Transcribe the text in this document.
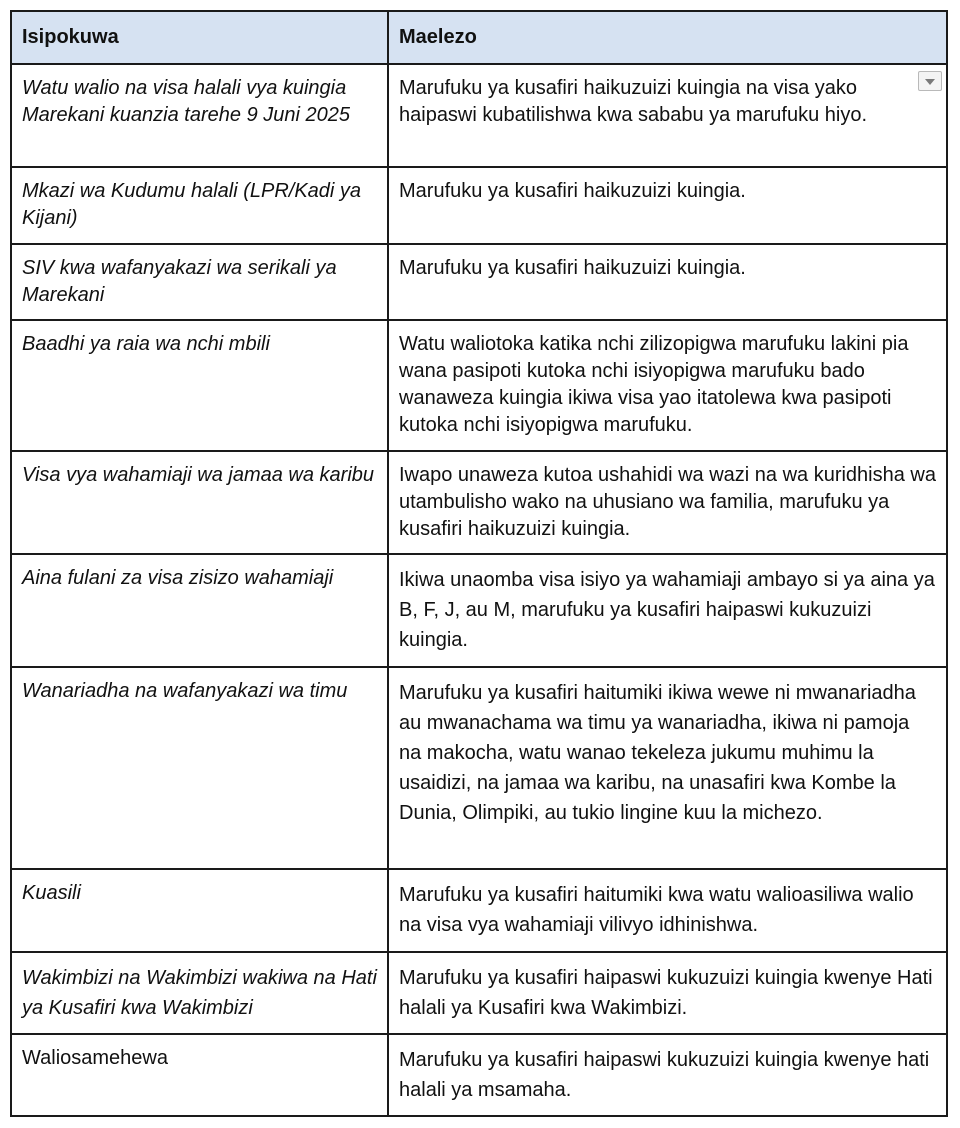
Isipokuwa	Maelezo
Watu walio na visa halali vya kuingia Marekani kuanzia tarehe 9 Juni 2025	Marufuku ya kusafiri haikuzuizi kuingia na visa yako haipaswi kubatilishwa kwa sababu ya marufuku hiyo.

Mkazi wa Kudumu halali (LPR/Kadi ya Kijani)	Marufuku ya kusafiri haikuzuizi kuingia.
SIV kwa wafanyakazi wa serikali ya Marekani	Marufuku ya kusafiri haikuzuizi kuingia.
Baadhi ya raia wa nchi mbili	Watu waliotoka katika nchi zilizopigwa marufuku lakini pia wana pasipoti kutoka nchi isiyopigwa marufuku bado wanaweza kuingia ikiwa visa yao itatolewa kwa pasipoti kutoka nchi isiyopigwa marufuku.
Visa vya wahamiaji wa jamaa wa karibu	Iwapo unaweza kutoa ushahidi wa wazi na wa kuridhisha wa utambulisho wako na uhusiano wa familia, marufuku ya kusafiri haikuzuizi kuingia.
Aina fulani za visa zisizo wahamiaji	Ikiwa unaomba visa isiyo ya wahamiaji ambayo si ya aina ya B, F, J, au M, marufuku ya kusafiri haipaswi kukuzuizi kuingia.
Wanariadha na wafanyakazi wa timu	Marufuku ya kusafiri haitumiki ikiwa wewe ni mwanariadha au mwanachama wa timu ya wanariadha, ikiwa ni pamoja na makocha, watu wanao tekeleza jukumu muhimu la usaidizi, na jamaa wa karibu, na unasafiri kwa Kombe la Dunia, Olimpiki, au tukio lingine kuu la michezo.
Kuasili	Marufuku ya kusafiri haitumiki kwa watu walioasiliwa walio na visa vya wahamiaji vilivyo idhinishwa.
Wakimbizi na Wakimbizi wakiwa na Hati ya Kusafiri kwa Wakimbizi	Marufuku ya kusafiri haipaswi kukuzuizi kuingia kwenye Hati halali ya Kusafiri kwa Wakimbizi.
Waliosamehewa	Marufuku ya kusafiri haipaswi kukuzuizi kuingia kwenye hati halali ya msamaha.
